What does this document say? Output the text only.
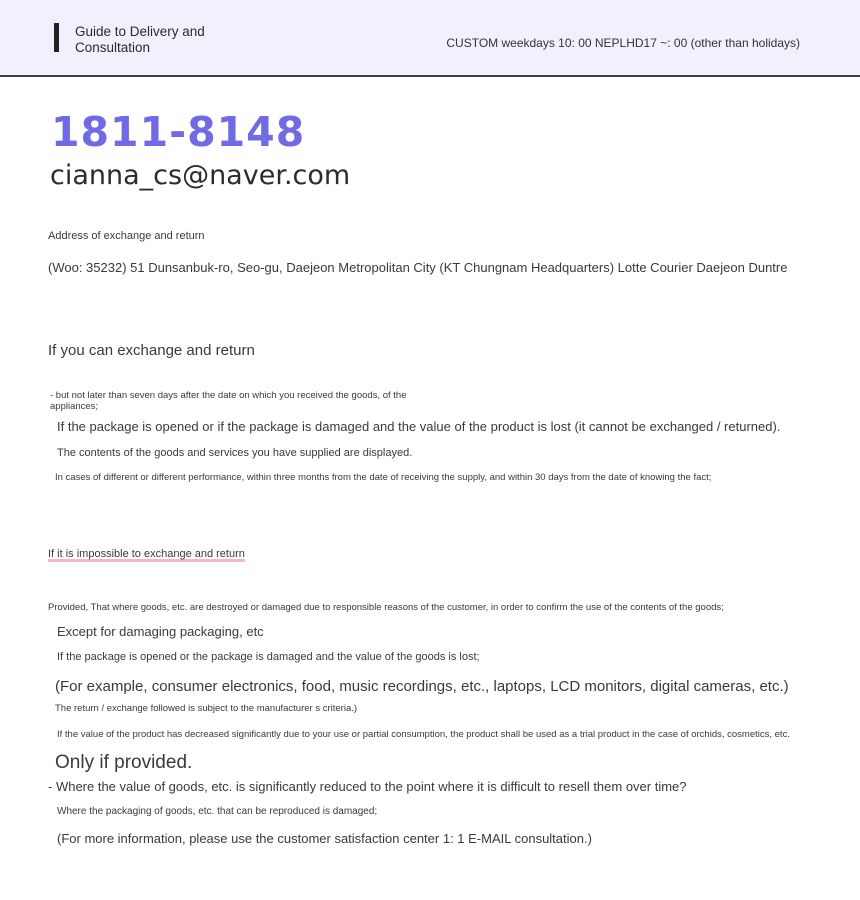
Guide to Delivery and Consultation	CUSTOM weekdays 10: 00 NEPLHD17 ~: 00 (other than holidays)
1811-8148
cianna_cs@naver.com
Address of exchange and return
(Woo: 35232) 51 Dunsanbuk-ro, Seo-gu, Daejeon Metropolitan City (KT Chungnam Headquarters) Lotte Courier Daejeon Duntre
If you can exchange and return
- but not later than seven days after the date on which you received the goods, of the appliances;
If the package is opened or if the package is damaged and the value of the product is lost (it cannot be exchanged / returned).
The contents of the goods and services you have supplied are displayed.
In cases of different or different performance, within three months from the date of receiving the supply, and within 30 days from the date of knowing the fact;
If it is impossible to exchange and return
Provided, That where goods, etc. are destroyed or damaged due to responsible reasons of the customer, in order to confirm the use of the contents of the goods;
Except for damaging packaging, etc
If the package is opened or the package is damaged and the value of the goods is lost;
(For example, consumer electronics, food, music recordings, etc., laptops, LCD monitors, digital cameras, etc.)
The return / exchange followed is subject to the manufacturer s criteria.)
If the value of the product has decreased significantly due to your use or partial consumption, the product shall be used as a trial product in the case of orchids, cosmetics, etc.
Only if provided.
- Where the value of goods, etc. is significantly reduced to the point where it is difficult to resell them over time?
Where the packaging of goods, etc. that can be reproduced is damaged;
(For more information, please use the customer satisfaction center 1: 1 E-MAIL consultation.)
